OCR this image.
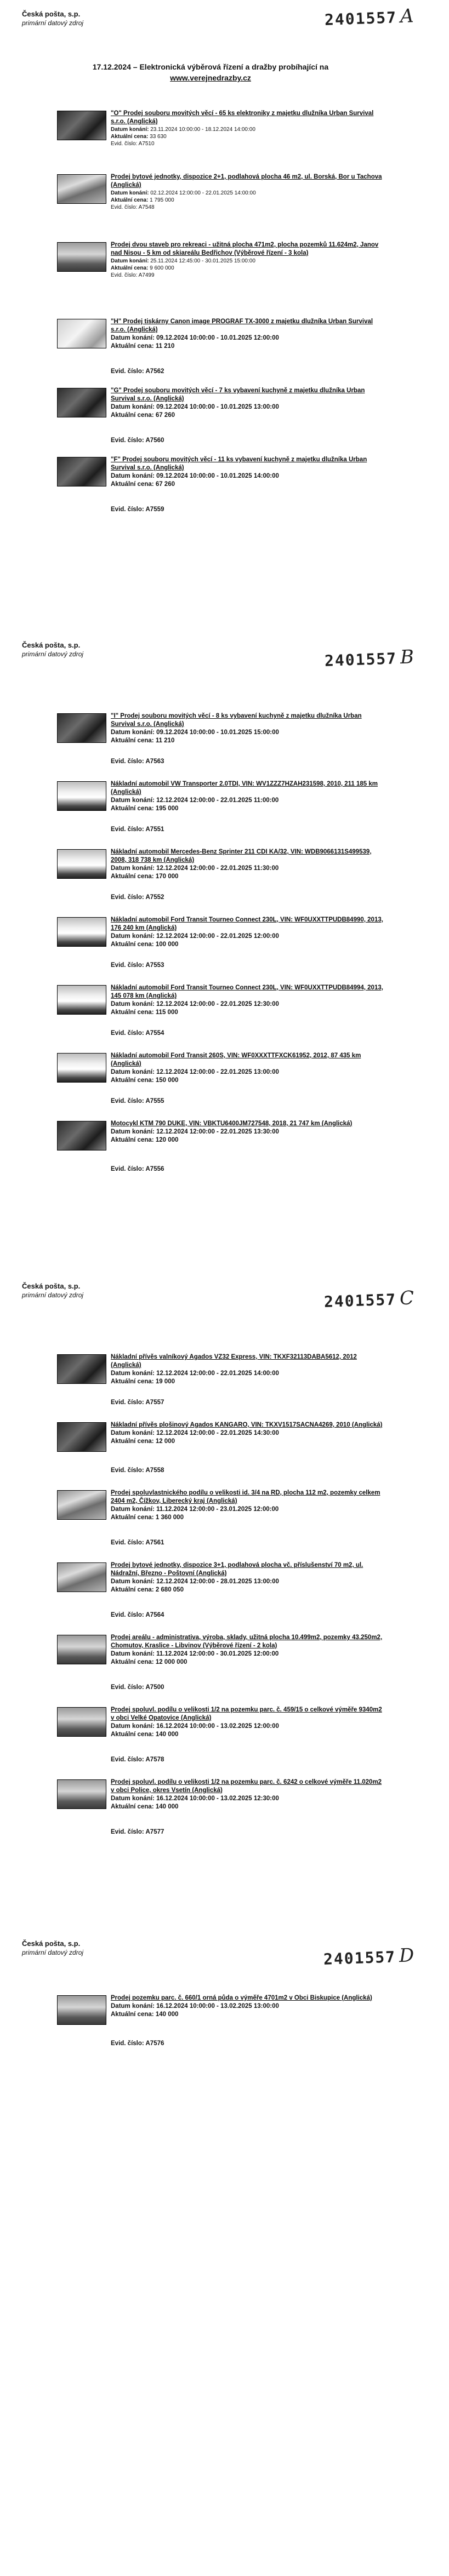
Česká pošta, s.p.
primární datový zdroj	2401557 A
17.12.2024 – Elektronická výběrová řízení a dražby probíhající na
www.verejnedrazby.cz
"O" Prodej souboru movitých věcí - 65 ks elektroniky z majetku dlužníka Urban Survival s.r.o. (Anglická)
Datum konání: 23.11.2024 10:00:00 - 18.12.2024 14:00:00
Aktuální cena: 33 630
Evid. číslo: A7510
Prodej bytové jednotky, dispozice 2+1, podlahová plocha 46 m2, ul. Borská, Bor u Tachova (Anglická)
Datum konání: 02.12.2024 12:00:00 - 22.01.2025 14:00:00
Aktuální cena: 1 795 000
Evid. číslo: A7548
Prodej dvou staveb pro rekreaci - užitná plocha 471m2, plocha pozemků 11.624m2, Janov nad Nisou - 5 km od skiareálu Bedřichov (Výběrové řízení - 3 kola)
Datum konání: 25.11.2024 12:45:00 - 30.01.2025 15:00:00
Aktuální cena: 9 600 000
Evid. číslo: A7499
"H" Prodej tiskárny Canon image PROGRAF TX-3000 z majetku dlužníka Urban Survival s.r.o. (Anglická)
Datum konání: 09.12.2024 10:00:00 - 10.01.2025 12:00:00
Aktuální cena: 11 210
Evid. číslo: A7562
"G" Prodej souboru movitých věcí - 7 ks vybavení kuchyně z majetku dlužníka Urban Survival s.r.o. (Anglická)
Datum konání: 09.12.2024 10:00:00 - 10.01.2025 13:00:00
Aktuální cena: 67 260
Evid. číslo: A7560
"F" Prodej souboru movitých věcí - 11 ks vybavení kuchyně z majetku dlužníka Urban Survival s.r.o. (Anglická)
Datum konání: 09.12.2024 10:00:00 - 10.01.2025 14:00:00
Aktuální cena: 67 260
Evid. číslo: A7559
Česká pošta, s.p.
primární datový zdroj	2401557 B
"I" Prodej souboru movitých věcí - 8 ks vybavení kuchyně z majetku dlužníka Urban Survival s.r.o. (Anglická)
Datum konání: 09.12.2024 10:00:00 - 10.01.2025 15:00:00
Aktuální cena: 11 210
Evid. číslo: A7563
Nákladní automobil VW Transporter 2.0TDI, VIN: WV1ZZZ7HZAH231598, 2010, 211 185 km (Anglická)
Datum konání: 12.12.2024 12:00:00 - 22.01.2025 11:00:00
Aktuální cena: 195 000
Evid. číslo: A7551
Nákladní automobil Mercedes-Benz Sprinter 211 CDI KA/32, VIN: WDB9066131S499539, 2008, 318 738 km (Anglická)
Datum konání: 12.12.2024 12:00:00 - 22.01.2025 11:30:00
Aktuální cena: 170 000
Evid. číslo: A7552
Nákladní automobil Ford Transit Tourneo Connect 230L, VIN: WF0UXXTTPUDB84990, 2013, 176 240 km (Anglická)
Datum konání: 12.12.2024 12:00:00 - 22.01.2025 12:00:00
Aktuální cena: 100 000
Evid. číslo: A7553
Nákladní automobil Ford Transit Tourneo Connect 230L, VIN: WF0UXXTTPUDB84994, 2013, 145 078 km (Anglická)
Datum konání: 12.12.2024 12:00:00 - 22.01.2025 12:30:00
Aktuální cena: 115 000
Evid. číslo: A7554
Nákladní automobil Ford Transit 260S, VIN: WF0XXXTTFXCK61952, 2012, 87 435 km (Anglická)
Datum konání: 12.12.2024 12:00:00 - 22.01.2025 13:00:00
Aktuální cena: 150 000
Evid. číslo: A7555
Motocykl KTM 790 DUKE, VIN: VBKTU6400JM727548, 2018, 21 747 km (Anglická)
Datum konání: 12.12.2024 12:00:00 - 22.01.2025 13:30:00
Aktuální cena: 120 000
Evid. číslo: A7556
Česká pošta, s.p.
primární datový zdroj	2401557 C
Nákladní přívěs valníkový Agados VZ32 Express, VIN: TKXF32113DABA5612, 2012 (Anglická)
Datum konání: 12.12.2024 12:00:00 - 22.01.2025 14:00:00
Aktuální cena: 19 000
Evid. číslo: A7557
Nákladní přívěs plošinový Agados KANGARO, VIN: TKXV1517SACNA4269, 2010 (Anglická)
Datum konání: 12.12.2024 12:00:00 - 22.01.2025 14:30:00
Aktuální cena: 12 000
Evid. číslo: A7558
Prodej spoluvlastnického podílu o velikosti id. 3/4 na RD, plocha 112 m2, pozemky celkem 2404 m2, Čížkov, Liberecký kraj (Anglická)
Datum konání: 11.12.2024 12:00:00 - 23.01.2025 12:00:00
Aktuální cena: 1 360 000
Evid. číslo: A7561
Prodej bytové jednotky, dispozice 3+1, podlahová plocha vč. příslušenství 70 m2, ul. Nádražní, Březno - Poštovní (Anglická)
Datum konání: 12.12.2024 12:00:00 - 28.01.2025 13:00:00
Aktuální cena: 2 680 050
Evid. číslo: A7564
Prodej areálu - administrativa, výroba, sklady, užitná plocha 10.499m2, pozemky 43.250m2, Chomutov, Kraslice - Libvinov (Výběrové řízení - 2 kola)
Datum konání: 11.12.2024 12:00:00 - 30.01.2025 12:00:00
Aktuální cena: 12 000 000
Evid. číslo: A7500
Prodej spoluvl. podílu o velikosti 1/2 na pozemku parc. č. 459/15 o celkové výměře 9340m2 v obci Velké Opatovice (Anglická)
Datum konání: 16.12.2024 10:00:00 - 13.02.2025 12:00:00
Aktuální cena: 140 000
Evid. číslo: A7578
Prodej spoluvl. podílu o velikosti 1/2 na pozemku parc. č. 6242 o celkové výměře 11.020m2 v obci Police, okres Vsetín (Anglická)
Datum konání: 16.12.2024 10:00:00 - 13.02.2025 12:30:00
Aktuální cena: 140 000
Evid. číslo: A7577
Česká pošta, s.p.
primární datový zdroj	2401557 D
Prodej pozemku parc. č. 660/1 orná půda o výměře 4701m2 v Obci Biskupice (Anglická)
Datum konání: 16.12.2024 10:00:00 - 13.02.2025 13:00:00
Aktuální cena: 140 000
Evid. číslo: A7576
